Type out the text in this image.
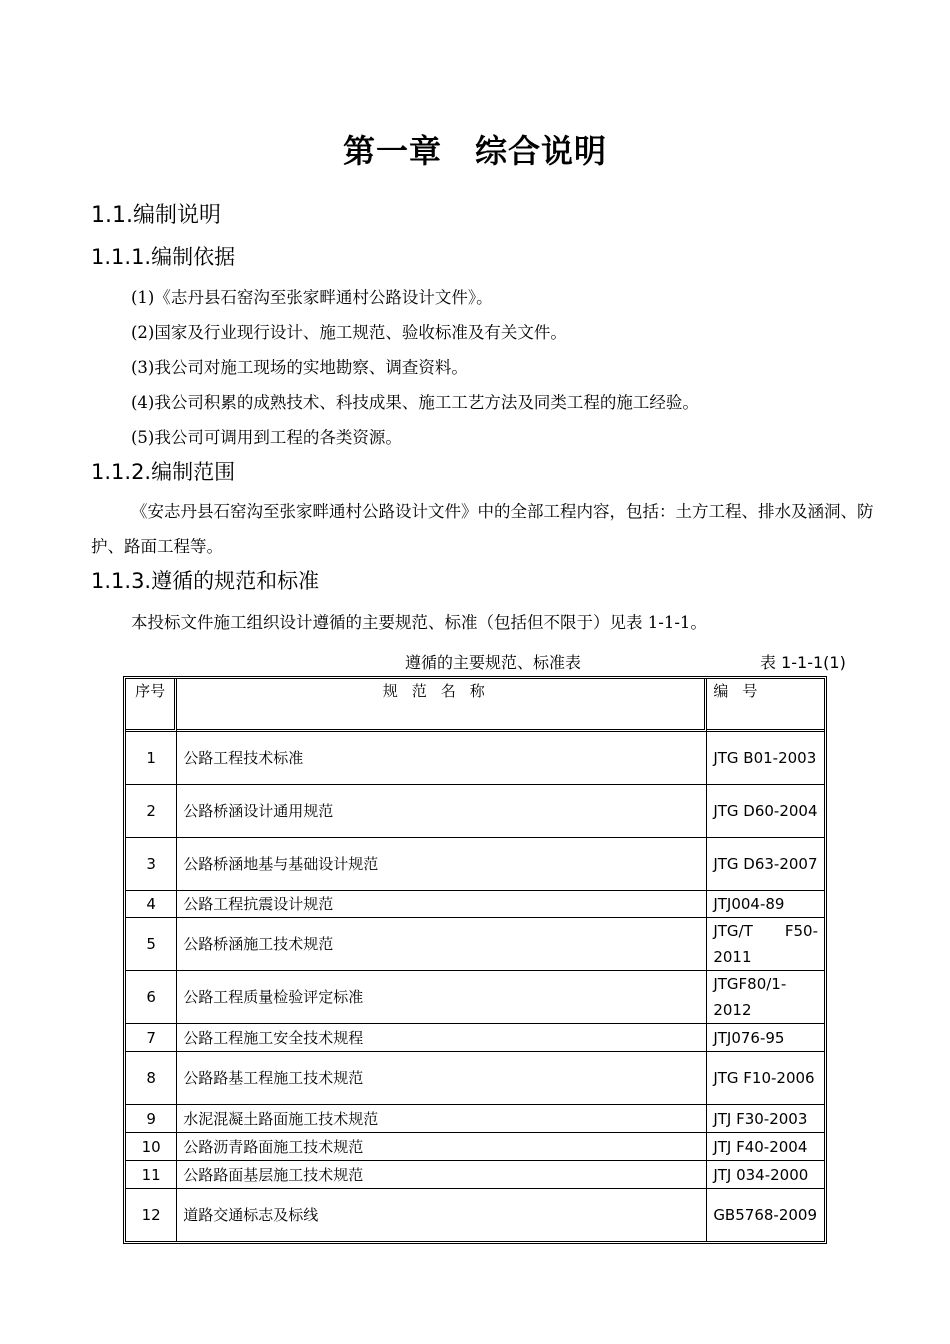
第一章　综合说明
1.1.编制说明
1.1.1.编制依据
(1)《志丹县石窑沟至张家畔通村公路设计文件》。
(2)国家及行业现行设计、施工规范、验收标准及有关文件。
(3)我公司对施工现场的实地勘察、调查资料。
(4)我公司积累的成熟技术、科技成果、施工工艺方法及同类工程的施工经验。
(5)我公司可调用到工程的各类资源。
1.1.2.编制范围
《安志丹县石窑沟至张家畔通村公路设计文件》中的全部工程内容，包括：土方工程、排水及涵洞、防护、路面工程等。
1.1.3.遵循的规范和标准
本投标文件施工组织设计遵循的主要规范、标准（包括但不限于）见表 1-1-1。
遵循的主要规范、标准表	表 1-1-1(1)
序号	规范名称	编号
1	公路工程技术标准	JTG B01-2003
2	公路桥涵设计通用规范	JTG D60-2004
3	公路桥涵地基与基础设计规范	JTG D63-2007
4	公路工程抗震设计规范	JTJ004-89
5	公路桥涵施工技术规范	JTG/T F50-2011
6	公路工程质量检验评定标准	JTGF80/1-2012
7	公路工程施工安全技术规程	JTJ076-95
8	公路路基工程施工技术规范	JTG F10-2006
9	水泥混凝土路面施工技术规范	JTJ F30-2003
10	公路沥青路面施工技术规范	JTJ F40-2004
11	公路路面基层施工技术规范	JTJ 034-2000
12	道路交通标志及标线	GB5768-2009
